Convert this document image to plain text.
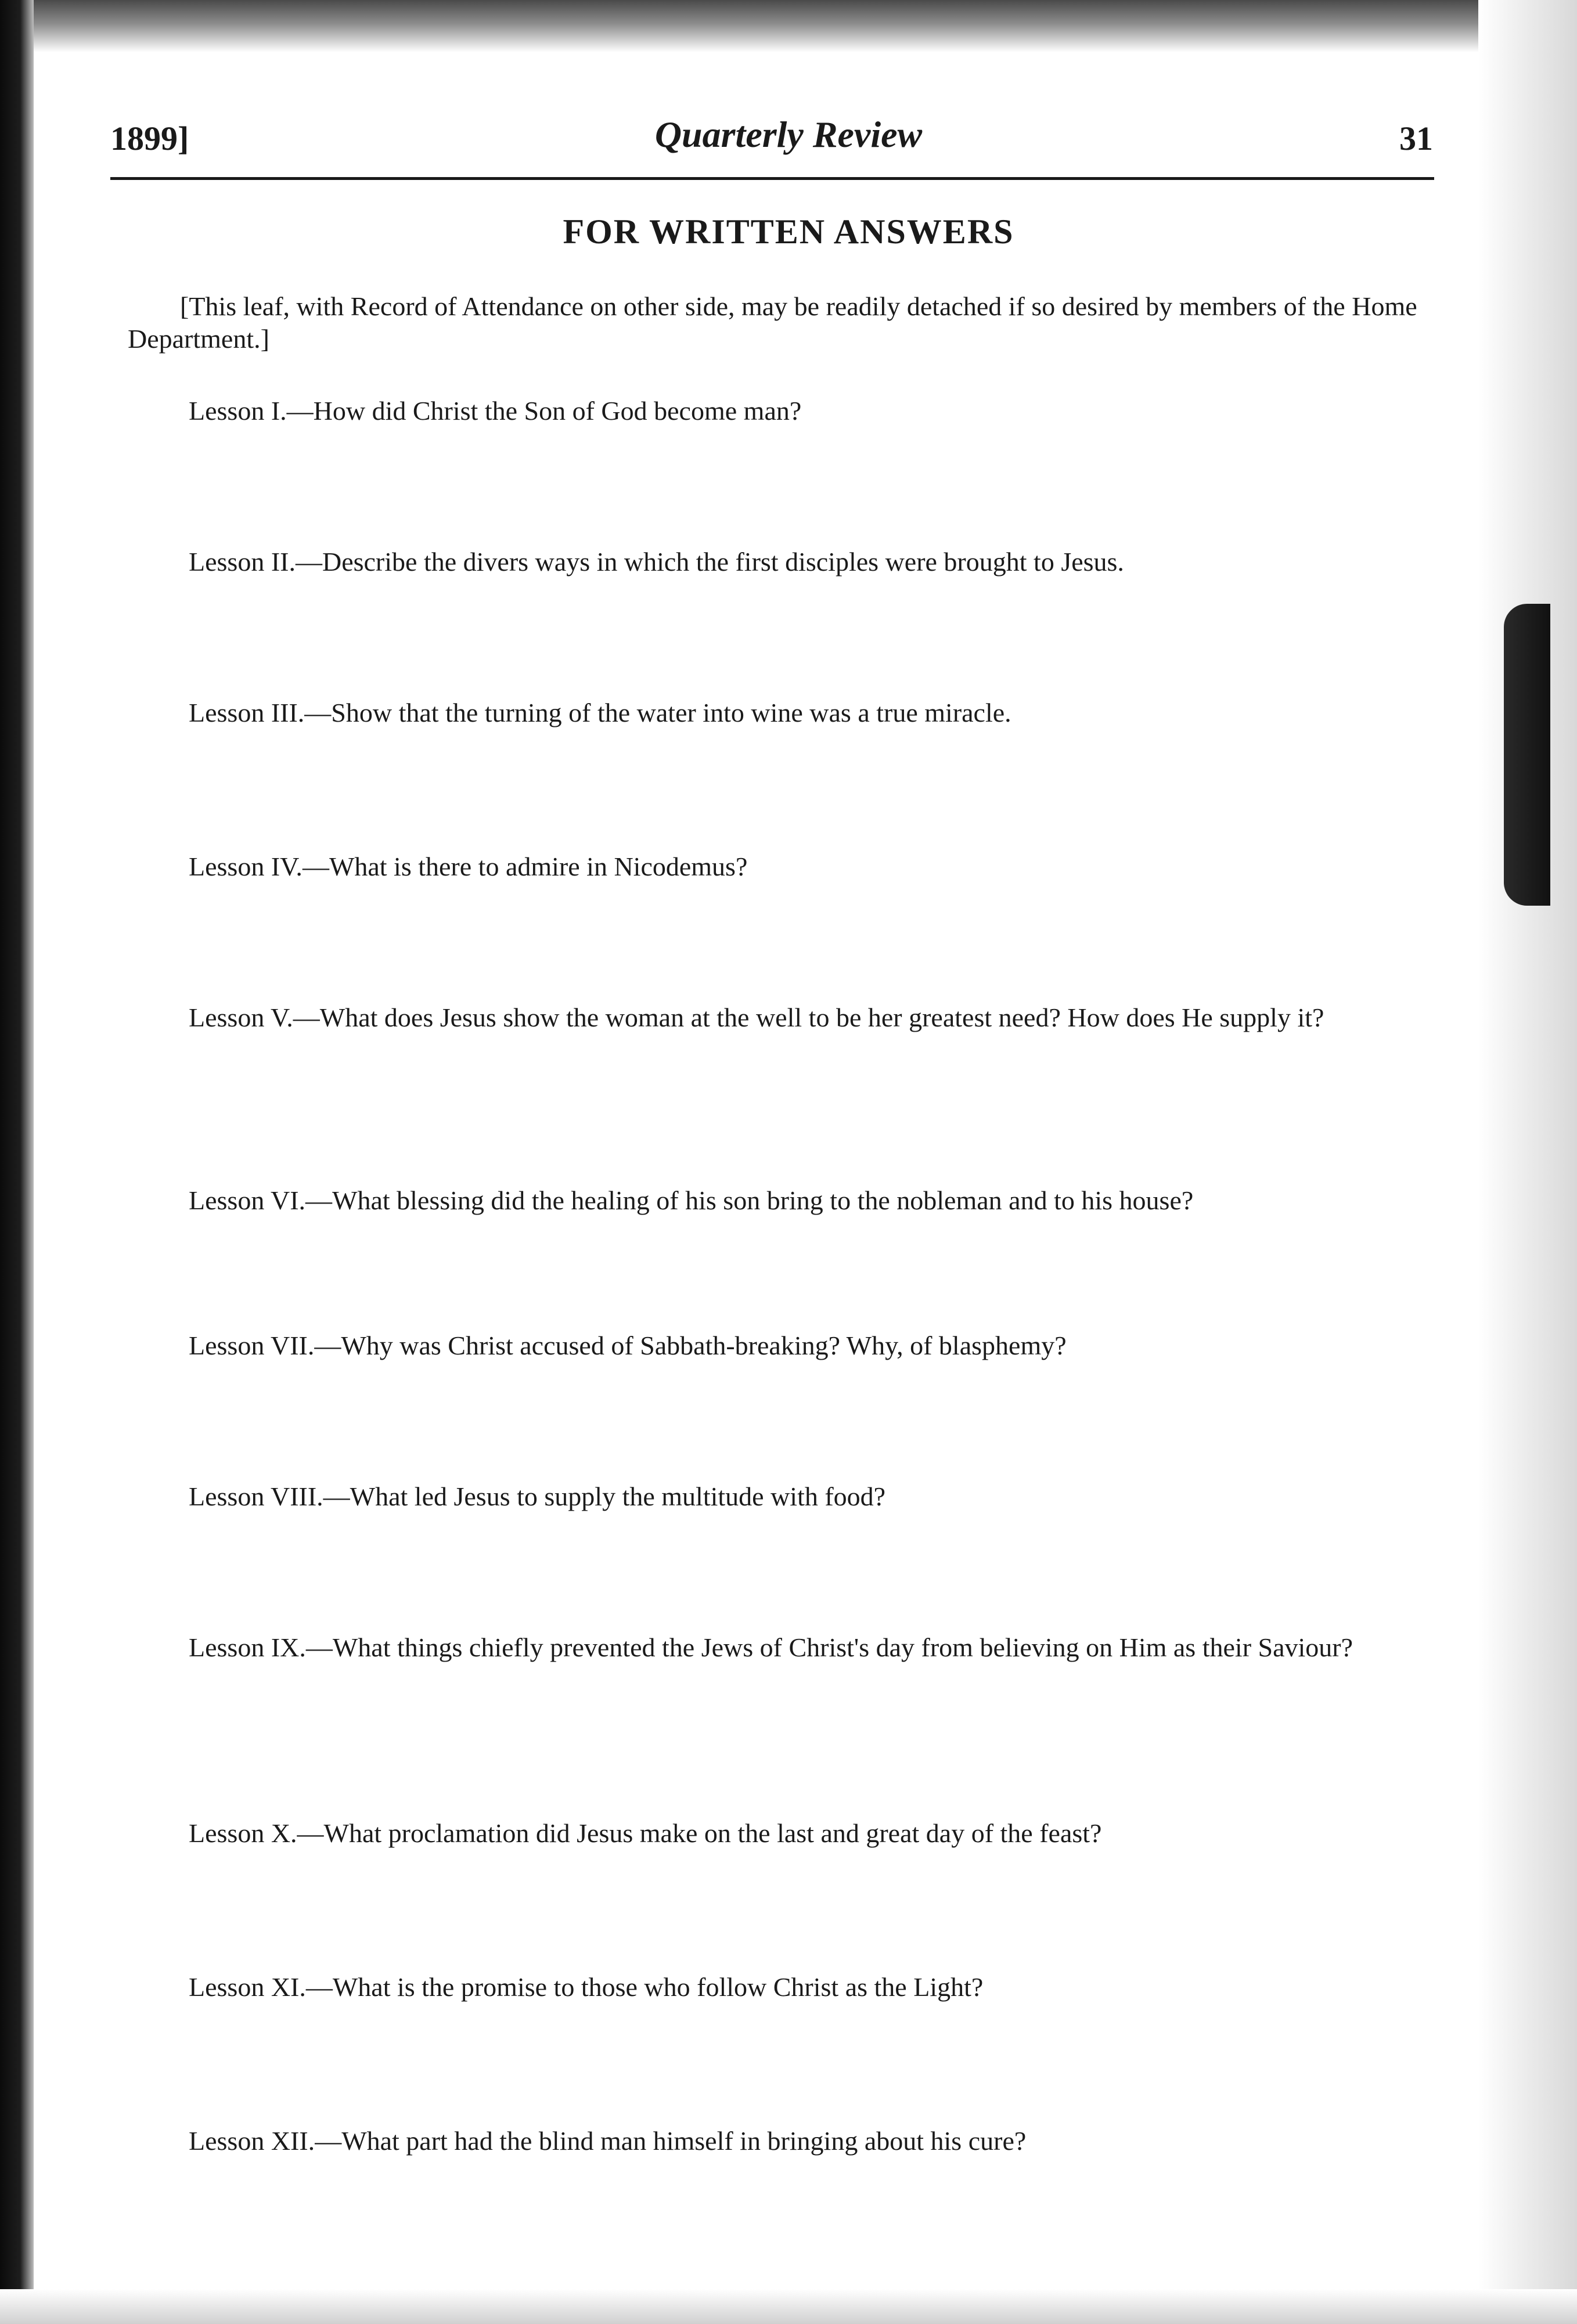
1899]	Quarterly Review	31
FOR WRITTEN ANSWERS

[This leaf, with Record of Attendance on other side, may be readily detached if so desired by members of the Home Department.]

Lesson I.—How did Christ the Son of God become man?

Lesson II.—Describe the divers ways in which the first disciples were brought to Jesus.

Lesson III.—Show that the turning of the water into wine was a true miracle.

Lesson IV.—What is there to admire in Nicodemus?

Lesson V.—What does Jesus show the woman at the well to be her greatest need? How does He supply it?

Lesson VI.—What blessing did the healing of his son bring to the nobleman and to his house?

Lesson VII.—Why was Christ accused of Sabbath-breaking? Why, of blasphemy?

Lesson VIII.—What led Jesus to supply the multitude with food?

Lesson IX.—What things chiefly prevented the Jews of Christ's day from believing on Him as their Saviour?

Lesson X.—What proclamation did Jesus make on the last and great day of the feast?

Lesson XI.—What is the promise to those who follow Christ as the Light?

Lesson XII.—What part had the blind man himself in bringing about his cure?
